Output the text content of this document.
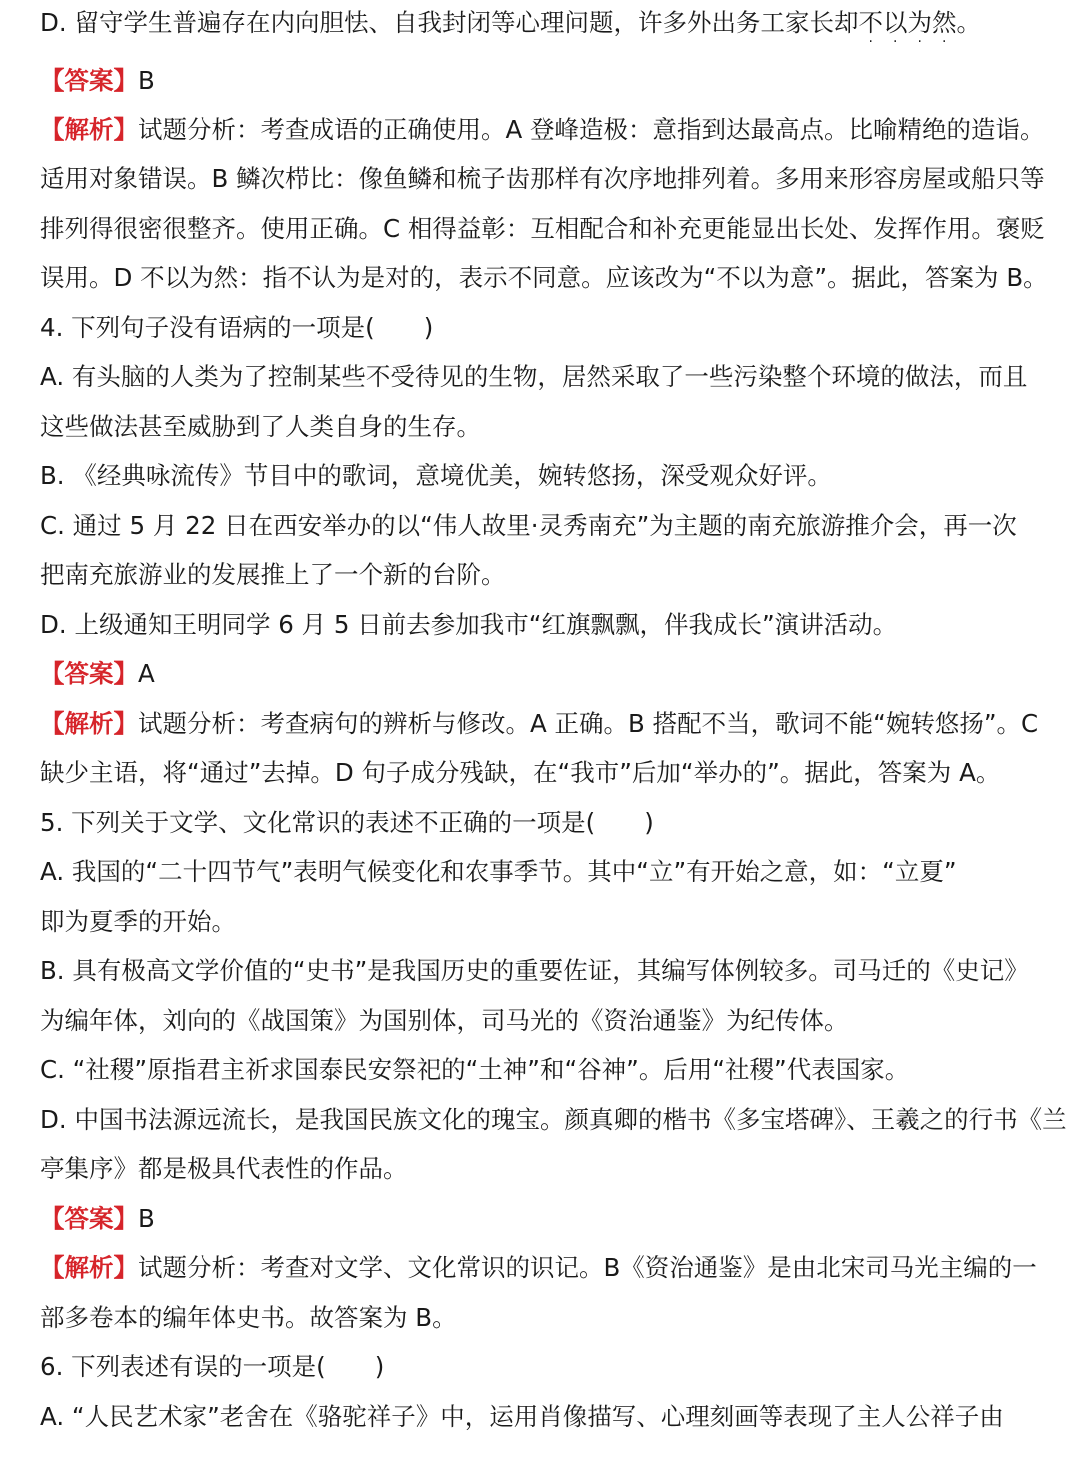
D. 留守学生普遍存在内向胆怯、自我封闭等心理问题，许多外出务工家长却不
·
以
·
为
·
然
·
。
【答案】B
【解析】试题分析：考查成语的正确使用。A 登峰造极：意指到达最高点。比喻精绝的造诣。
适用对象错误。B 鳞次栉比：像鱼鳞和梳子齿那样有次序地排列着。多用来形容房屋或船只等
排列得很密很整齐。使用正确。C 相得益彰：互相配合和补充更能显出长处、发挥作用。褒贬
误用。D 不以为然：指不认为是对的，表示不同意。应该改为“不以为意”。据此，答案为 B。
4. 下列句子没有语病的一项是(　　)
A. 有头脑的人类为了控制某些不受待见的生物，居然采取了一些污染整个环境的做法，而且
这些做法甚至威胁到了人类自身的生存。
B. 《经典咏流传》节目中的歌词，意境优美，婉转悠扬，深受观众好评。
C. 通过 5 月 22 日在西安举办的以“伟人故里·灵秀南充”为主题的南充旅游推介会，再一次
把南充旅游业的发展推上了一个新的台阶。
D. 上级通知王明同学 6 月 5 日前去参加我市“红旗飘飘，伴我成长”演讲活动。
【答案】A
【解析】试题分析：考查病句的辨析与修改。A 正确。B 搭配不当，歌词不能“婉转悠扬”。C
缺少主语，将“通过”去掉。D 句子成分残缺，在“我市”后加“举办的”。据此，答案为 A。
5. 下列关于文学、文化常识的表述不正确的一项是(　　)
A. 我国的“二十四节气”表明气候变化和农事季节。其中“立”有开始之意，如：“立夏”
即为夏季的开始。
B. 具有极高文学价值的“史书”是我国历史的重要佐证，其编写体例较多。司马迁的《史记》
为编年体，刘向的《战国策》为国别体，司马光的《资治通鉴》为纪传体。
C. “社稷”原指君主祈求国泰民安祭祀的“土神”和“谷神”。后用“社稷”代表国家。
D. 中国书法源远流长，是我国民族文化的瑰宝。颜真卿的楷书《多宝塔碑》、王羲之的行书《兰
亭集序》都是极具代表性的作品。
【答案】B
【解析】试题分析：考查对文学、文化常识的识记。B《资治通鉴》是由北宋司马光主编的一
部多卷本的编年体史书。故答案为 B。
6. 下列表述有误的一项是(　　)
A. “人民艺术家”老舍在《骆驼祥子》中，运用肖像描写、心理刻画等表现了主人公祥子由
